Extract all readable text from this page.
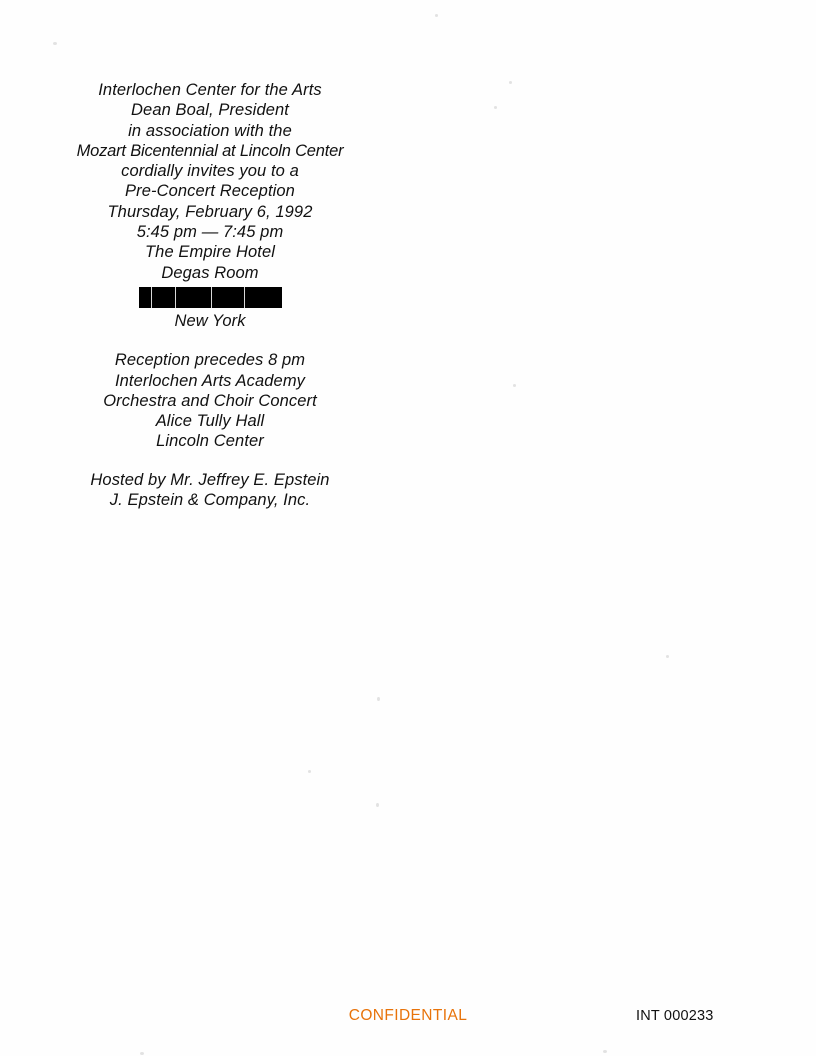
Interlochen Center for the Arts
Dean Boal, President
in association with the
Mozart Bicentennial at Lincoln Center
cordially invites you to a
Pre-Concert Reception
Thursday, February 6, 1992
5:45 pm — 7:45 pm
The Empire Hotel
Degas Room
New York
Reception precedes 8 pm
Interlochen Arts Academy
Orchestra and Choir Concert
Alice Tully Hall
Lincoln Center
Hosted by Mr. Jeffrey E. Epstein
J. Epstein & Company, Inc.
CONFIDENTIAL	INT 000233
